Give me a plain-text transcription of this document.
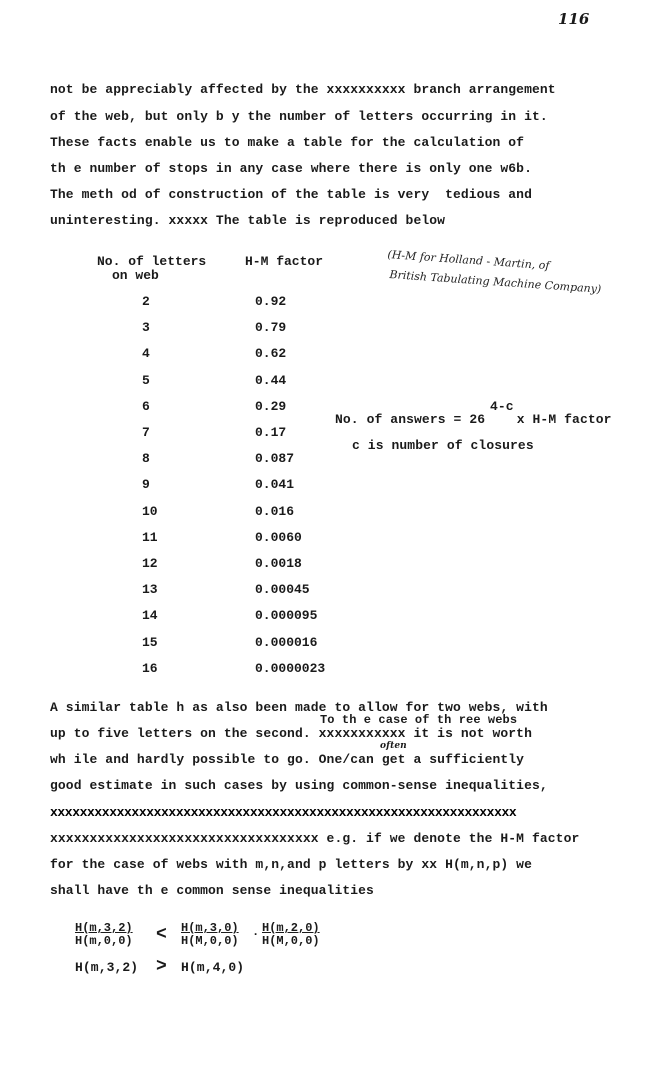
116
not be appreciably affected by the xxxxxxxxxx branch arrangement
of the web, but only b y the number of letters occurring in it.
These facts enable us to make a table for the calculation of
th e number of stops in any case where there is only one w6b.
The meth od of construction of the table is very  tedious and
uninteresting. xxxxx The table is reproduced below
No. of letters
on web
H-M factor
2	0.92
3	0.79
4	0.62
5	0.44
6	0.29
7	0.17
8	0.087
9	0.041
10	0.016
11	0.0060
12	0.0018
13	0.00045
14	0.000095
15	0.000016
16	0.0000023
(H-M for Holland - Martin, of
British Tabulating Machine Company)
4-c
No. of answers = 26    x H-M factor
c is number of closures
A similar table h as also been made to allow for two webs, with
To th e case of th ree webs
up to five letters on the second. xxxxxxxxxxx it is not worth
often
wh ile and hardly possible to go. One/can get a sufficiently
good estimate in such cases by using common-sense inequalities,
xxxxxxxxxxxxxxxxxxxxxxxxxxxxxxxxxxxxxxxxxxxxxxxxxxxxxxxxxxxxxxx
xxxxxxxxxxxxxxxxxxxxxxxxxxxxxxxxxx e.g. if we denote the H-M factor
for the case of webs with m,n,and p letters by xx H(m,n,p) we
shall have th e common sense inequalities
H(m,3,2)
H(m,0,0) < H(m,3,0)
H(M,0,0)
. H(m,2,0)
H(M,0,0)
H(m,3,2) > H(m,4,0)
